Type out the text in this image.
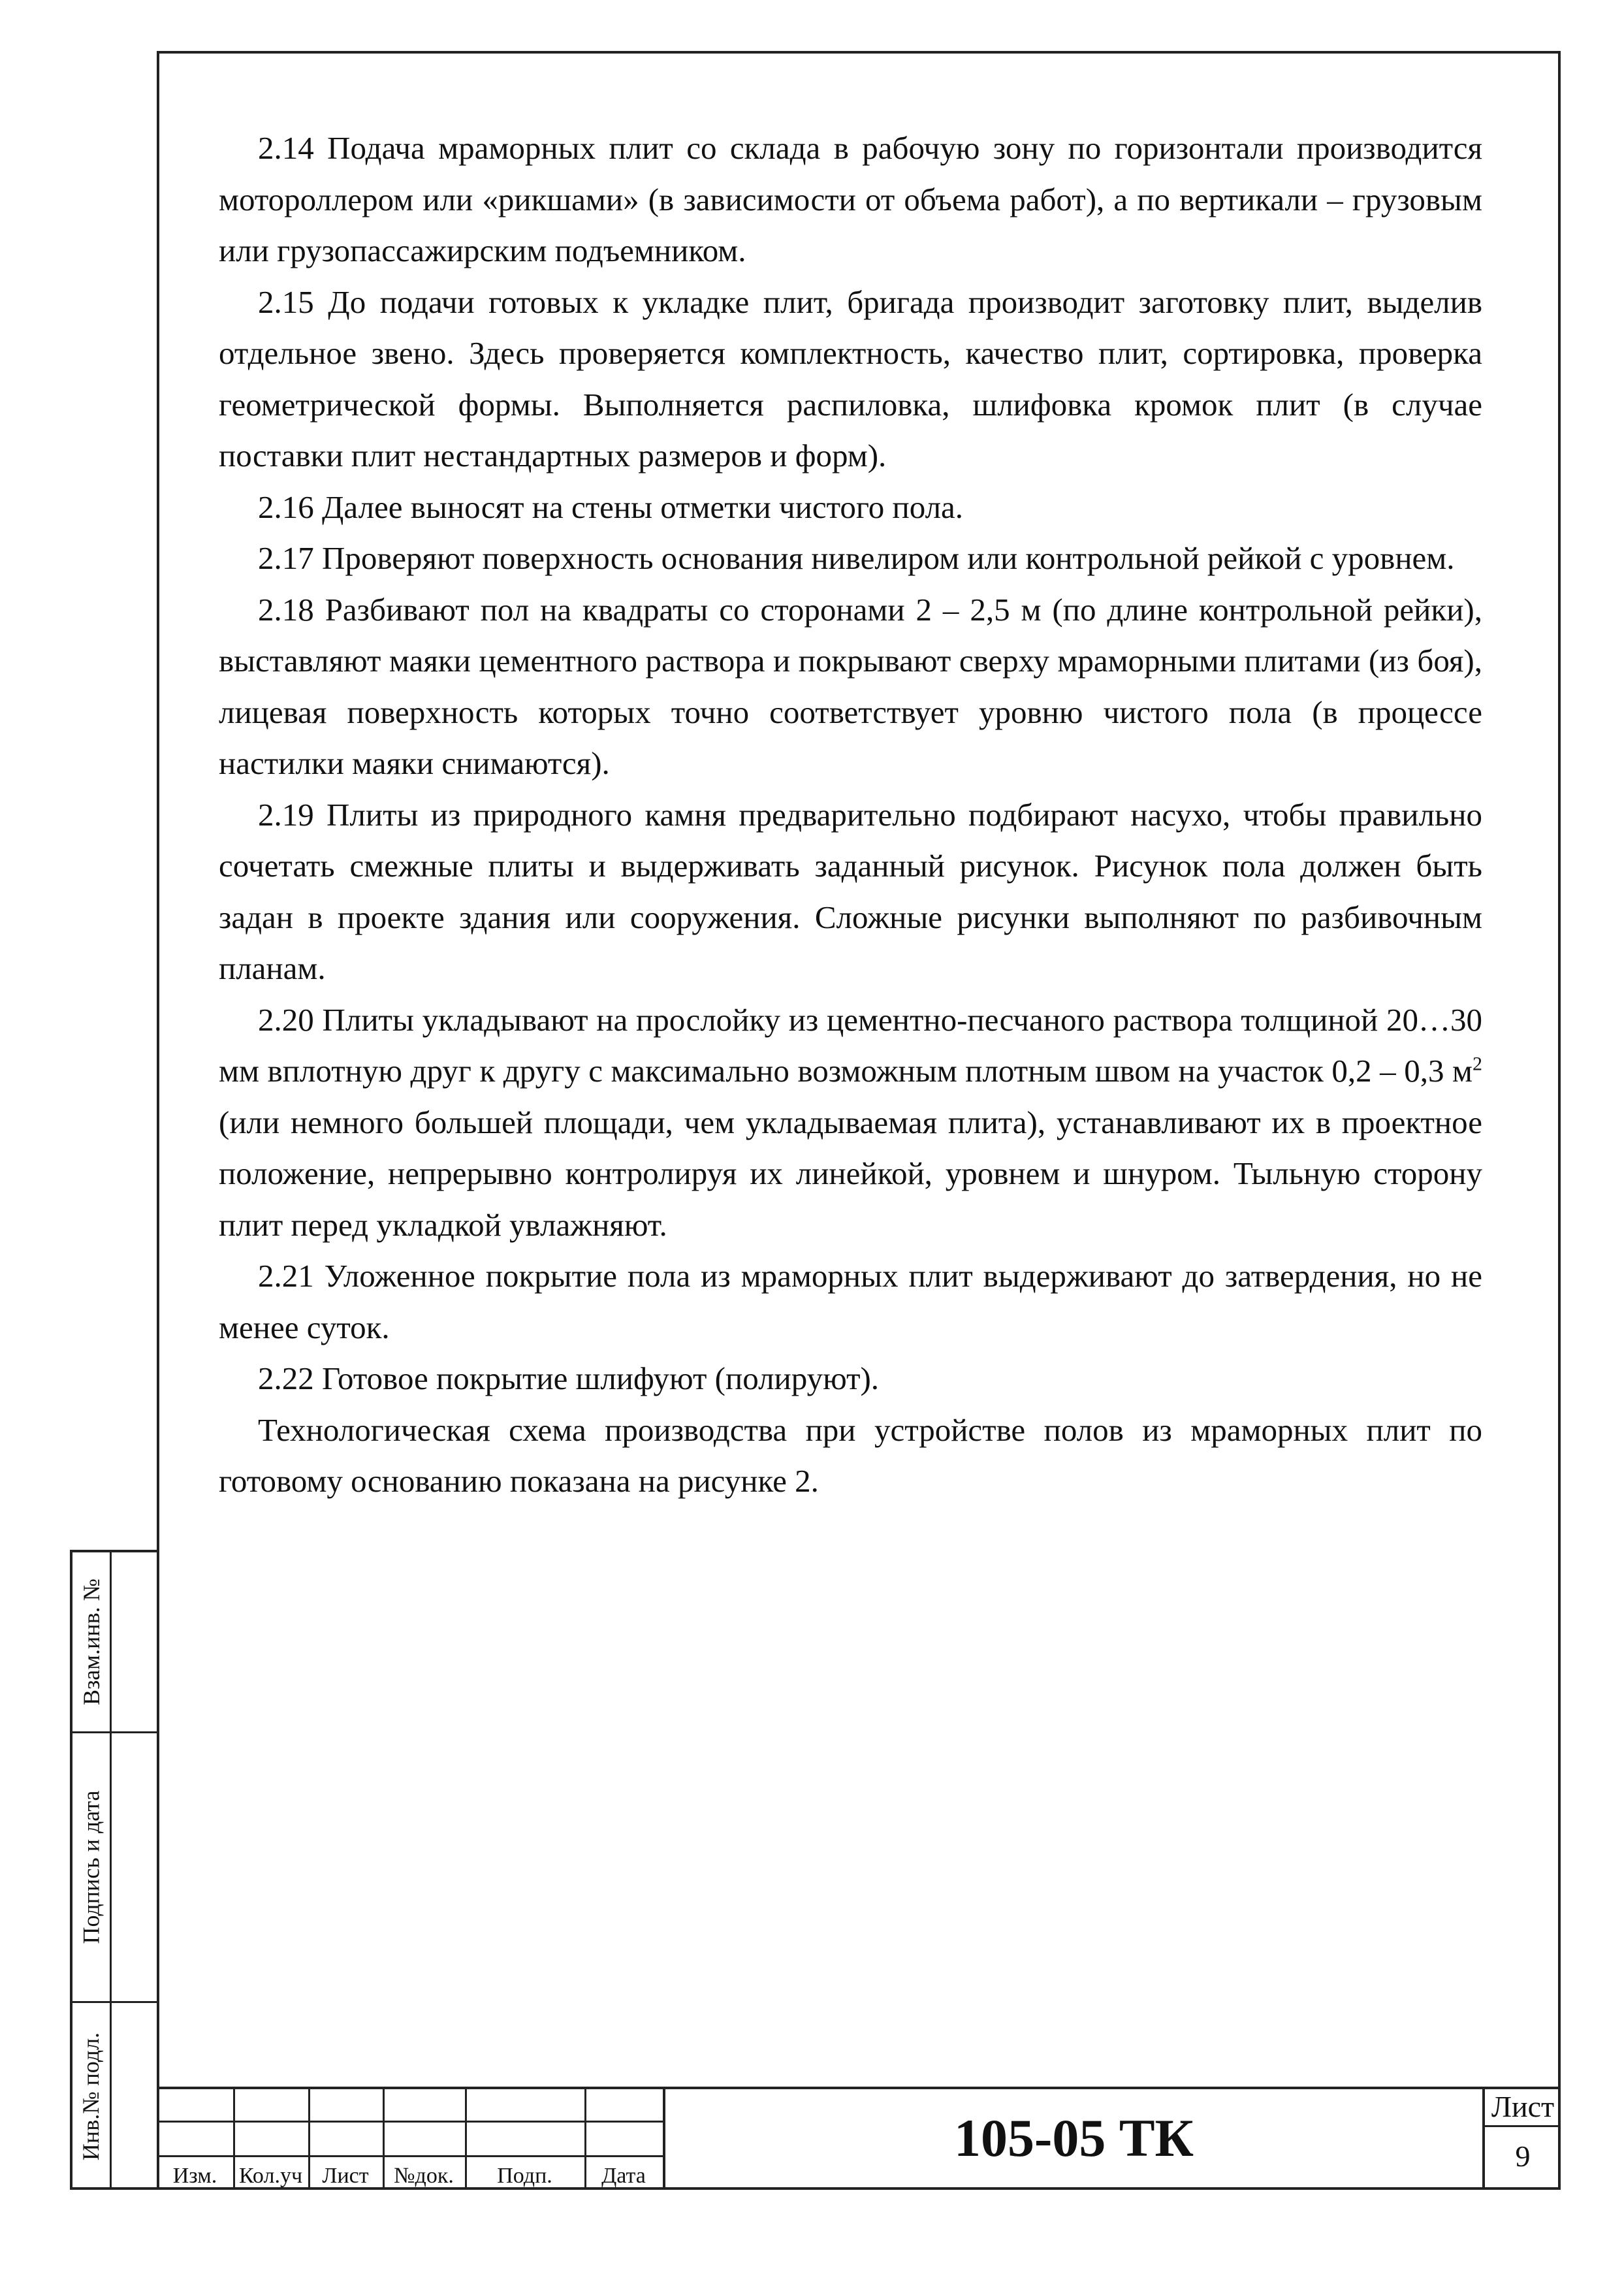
2.14 Подача мраморных плит со склада в рабочую зону по горизонтали производится мотороллером или «рикшами» (в зависимости от объема работ), а по вертикали – грузовым или грузопассажирским подъемником.

2.15 До подачи готовых к укладке плит, бригада производит заготовку плит, выделив отдельное звено. Здесь проверяется комплектность, качество плит, сортировка, проверка геометрической формы. Выполняется распиловка, шлифовка кромок плит (в случае поставки плит нестандартных размеров и форм).

2.16 Далее выносят на стены отметки чистого пола.

2.17 Проверяют поверхность основания нивелиром или контрольной рейкой с уровнем.

2.18 Разбивают пол на квадраты со сторонами 2 – 2,5 м (по длине контрольной рейки), выставляют маяки цементного раствора и покрывают сверху мраморными плитами (из боя), лицевая поверхность которых точно соответствует уровню чистого пола (в процессе настилки маяки снимаются).

2.19 Плиты из природного камня предварительно подбирают насухо, чтобы правильно сочетать смежные плиты и выдерживать заданный рисунок. Рисунок пола должен быть задан в проекте здания или сооружения. Сложные рисунки выполняют по разбивочным планам.

2.20 Плиты укладывают на прослойку из цементно-песчаного раствора толщиной 20…30 мм вплотную друг к другу с максимально возможным плотным швом на участок 0,2 – 0,3 $м^2$ (или немного большей площади, чем укладываемая плита), устанавливают их в проектное положение, непрерывно контролируя их линейкой, уровнем и шнуром. Тыльную сторону плит перед укладкой увлажняют.

2.21 Уложенное покрытие пола из мраморных плит выдерживают до затвердения, но не менее суток.

2.22 Готовое покрытие шлифуют (полируют).

Технологическая схема производства при устройстве полов из мраморных плит по готовому основанию показана на рисунке 2.

Взам.инв. №
Подпись и дата
Инв.№ подл.
Изм. Кол.уч Лист	№док.	Подп.	Дата
105-05 ТК
Лист
9
